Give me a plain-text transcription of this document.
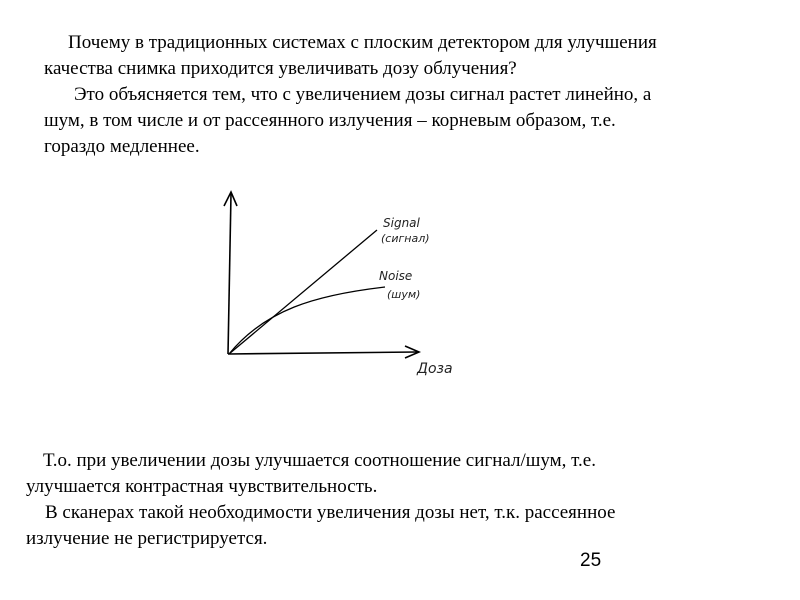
Почему в традиционных системах с плоским детектором для улучшения
качества снимка приходится увеличивать дозу облучения?
Это объясняется тем, что с увеличением дозы сигнал растет линейно, а
шум, в том числе и от рассеянного излучения – корневым образом, т.е.
гораздо медленнее.
Signal
(сигнал)
Noise
(шум)
Доза
Т.о. при увеличении дозы улучшается соотношение сигнал/шум, т.е.
улучшается контрастная чувствительность.
В сканерах такой необходимости увеличения дозы нет, т.к. рассеянное
излучение не регистрируется.
25
